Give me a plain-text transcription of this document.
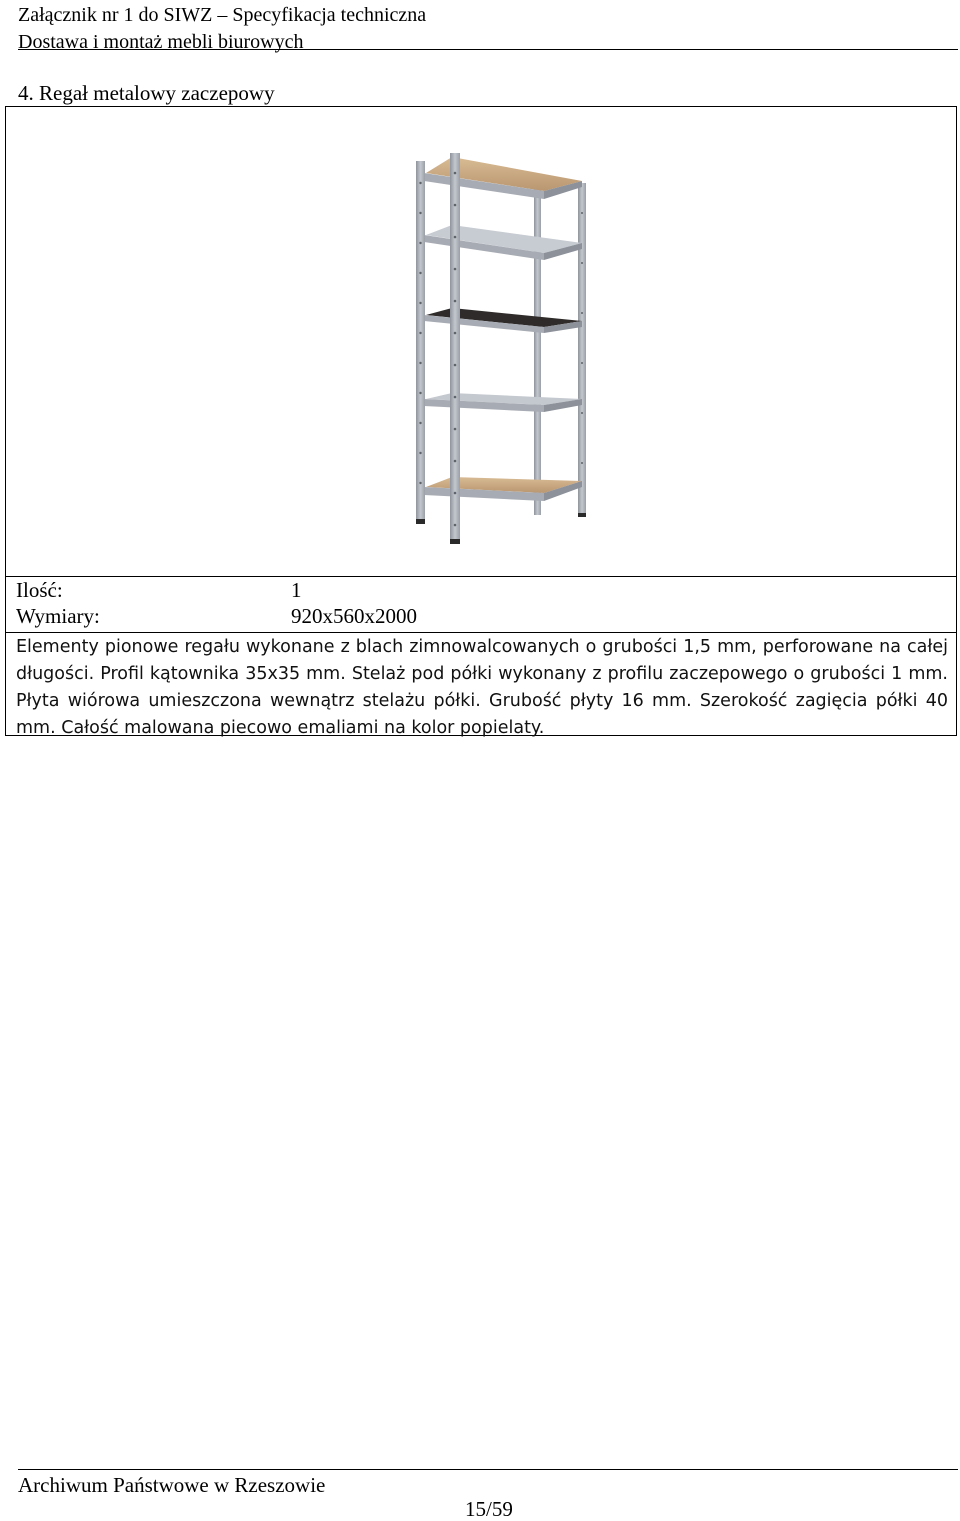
Załącznik nr 1 do SIWZ – Specyfikacja techniczna
Dostawa i montaż mebli biurowych
4. Regał metalowy zaczepowy
Ilość:	1
Wymiary:	920x560x2000
Elementy pionowe regału wykonane z blach zimnowalcowanych o grubości 1,5 mm, perforowane na całej długości. Profil kątownika 35x35 mm. Stelaż pod półki wykonany z profilu zaczepowego o grubości 1 mm. Płyta wiórowa umieszczona wewnątrz stelażu półki. Grubość płyty 16 mm. Szerokość zagięcia półki 40 mm. Całość malowana piecowo emaliami na kolor popielaty.
Archiwum Państwowe w Rzeszowie
15/59
